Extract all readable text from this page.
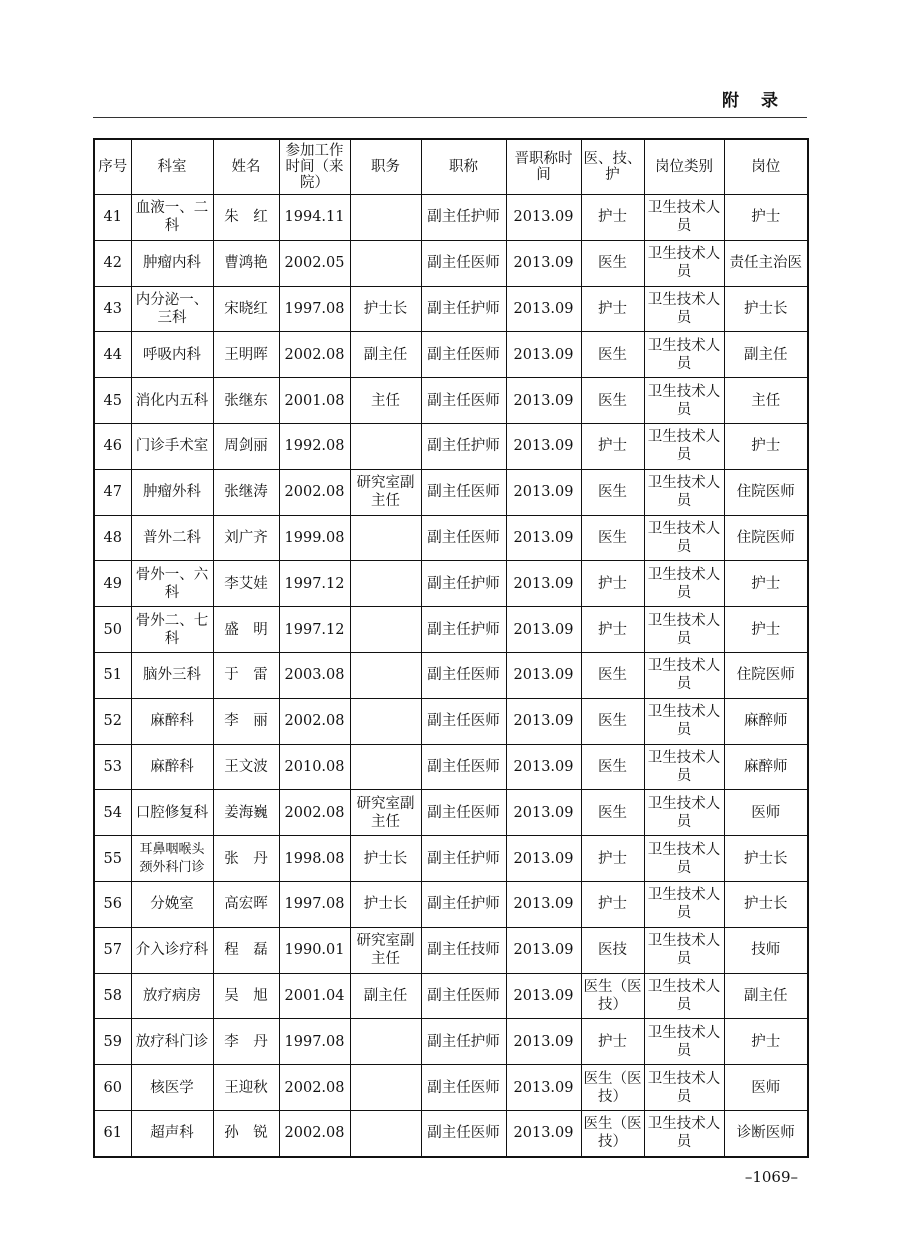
附录
序号	科室	姓名	参加工作时间（来院）	职务	职称	晋职称时间	医、技、护	岗位类别	岗位
41	血液一、二科	朱　红	1994.11		副主任护师	2013.09	护士	卫生技术人员	护士
42	肿瘤内科	曹鸿艳	2002.05		副主任医师	2013.09	医生	卫生技术人员	责任主治医
43	内分泌一、三科	宋晓红	1997.08	护士长	副主任护师	2013.09	护士	卫生技术人员	护士长
44	呼吸内科	王明晖	2002.08	副主任	副主任医师	2013.09	医生	卫生技术人员	副主任
45	消化内五科	张继东	2001.08	主任	副主任医师	2013.09	医生	卫生技术人员	主任
46	门诊手术室	周剑丽	1992.08		副主任护师	2013.09	护士	卫生技术人员	护士
47	肿瘤外科	张继涛	2002.08	研究室副主任	副主任医师	2013.09	医生	卫生技术人员	住院医师
48	普外二科	刘广齐	1999.08		副主任医师	2013.09	医生	卫生技术人员	住院医师
49	骨外一、六科	李艾娃	1997.12		副主任护师	2013.09	护士	卫生技术人员	护士
50	骨外二、七科	盛　明	1997.12		副主任护师	2013.09	护士	卫生技术人员	护士
51	脑外三科	于　雷	2003.08		副主任医师	2013.09	医生	卫生技术人员	住院医师
52	麻醉科	李　丽	2002.08		副主任医师	2013.09	医生	卫生技术人员	麻醉师
53	麻醉科	王文波	2010.08		副主任医师	2013.09	医生	卫生技术人员	麻醉师
54	口腔修复科	姜海巍	2002.08	研究室副主任	副主任医师	2013.09	医生	卫生技术人员	医师
55	耳鼻咽喉头颈外科门诊	张　丹	1998.08	护士长	副主任护师	2013.09	护士	卫生技术人员	护士长
56	分娩室	高宏晖	1997.08	护士长	副主任护师	2013.09	护士	卫生技术人员	护士长
57	介入诊疗科	程　磊	1990.01	研究室副主任	副主任技师	2013.09	医技	卫生技术人员	技师
58	放疗病房	吴　旭	2001.04	副主任	副主任医师	2013.09	医生（医技）	卫生技术人员	副主任
59	放疗科门诊	李　丹	1997.08		副主任护师	2013.09	护士	卫生技术人员	护士
60	核医学	王迎秋	2002.08		副主任医师	2013.09	医生（医技）	卫生技术人员	医师
61	超声科	孙　锐	2002.08		副主任医师	2013.09	医生（医技）	卫生技术人员	诊断医师
–1069–
